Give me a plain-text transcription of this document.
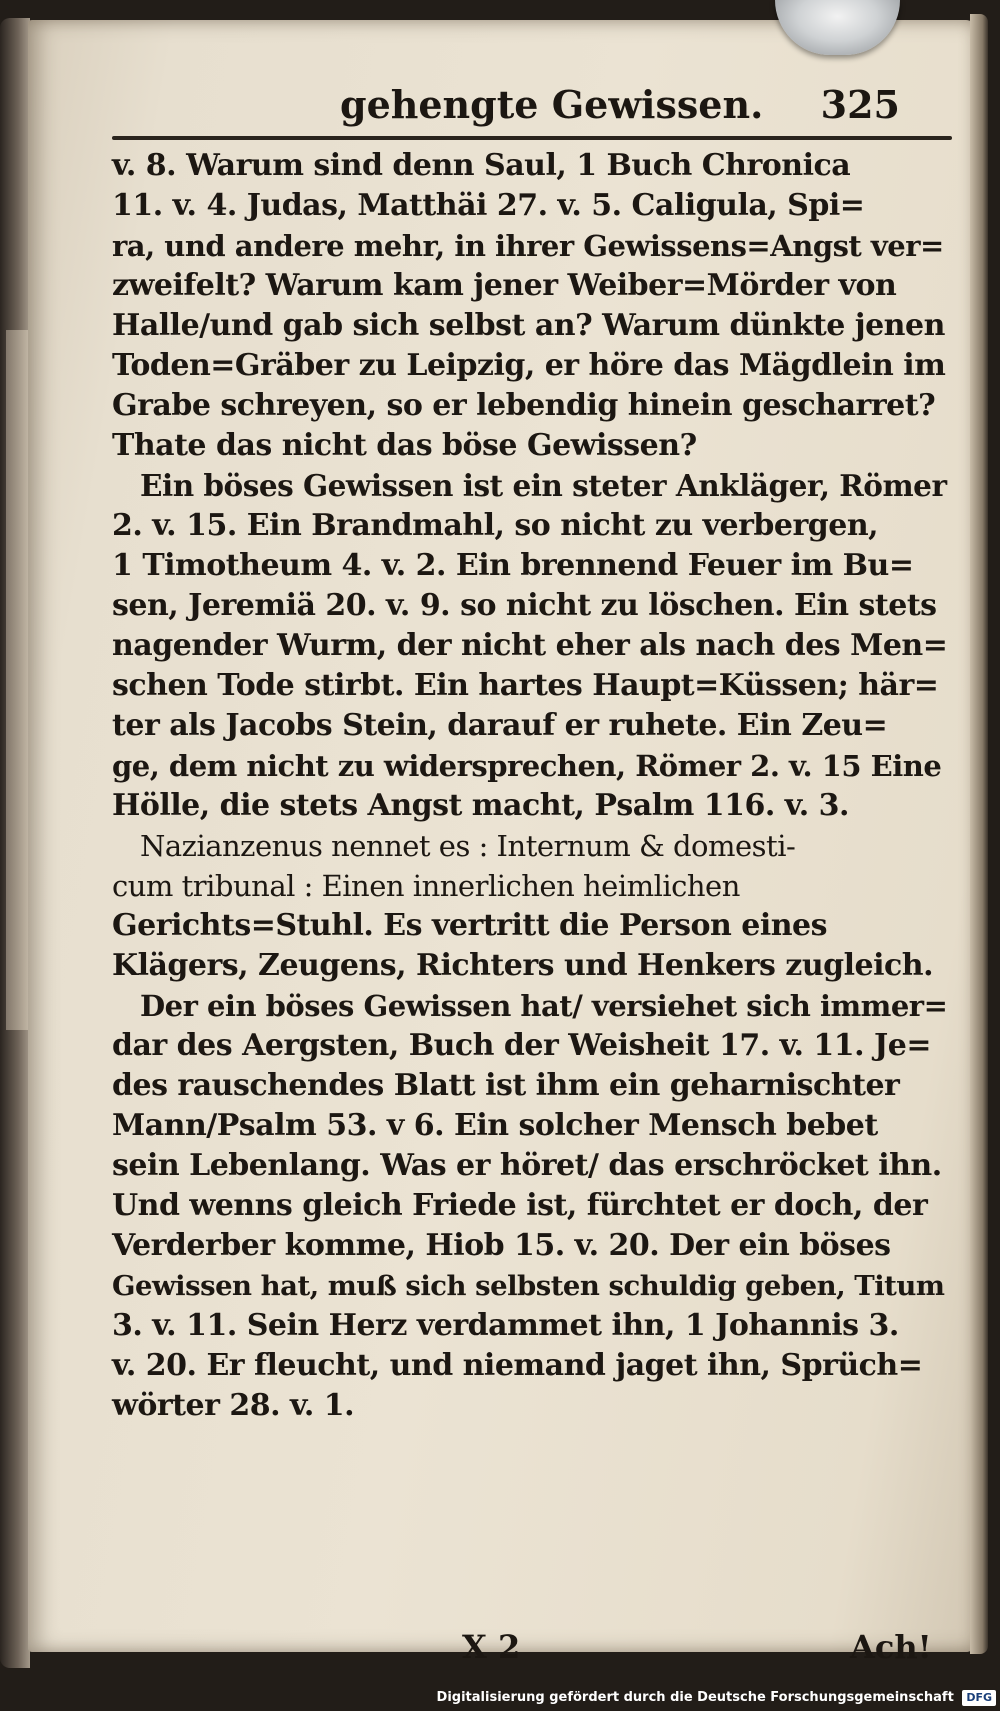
gehengte Gewissen. 325
v. 8. Warum sind denn Saul, 1 Buch Chronica
11. v. 4. Judas, Matthäi 27. v. 5. Caligula, Spi=
ra, und andere mehr, in ihrer Gewissens=Angst ver=
zweifelt? Warum kam jener Weiber=Mörder von
Halle/und gab sich selbst an? Warum dünkte jenen
Toden=Gräber zu Leipzig, er höre das Mägdlein im
Grabe schreyen, so er lebendig hinein gescharret?
Thate das nicht das böse Gewissen?
Ein böses Gewissen ist ein steter Ankläger, Römer
2. v. 15. Ein Brandmahl, so nicht zu verbergen,
1 Timotheum 4. v. 2. Ein brennend Feuer im Bu=
sen, Jeremiä 20. v. 9. so nicht zu löschen. Ein stets
nagender Wurm, der nicht eher als nach des Men=
schen Tode stirbt. Ein hartes Haupt=Küssen; här=
ter als Jacobs Stein, darauf er ruhete. Ein Zeu=
ge, dem nicht zu widersprechen, Römer 2. v. 15 Eine
Hölle, die stets Angst macht, Psalm 116. v. 3.
Nazianzenus nennet es : Internum & domesti-
cum tribunal : Einen innerlichen heimlichen
Gerichts=Stuhl. Es vertritt die Person eines
Klägers, Zeugens, Richters und Henkers zugleich.
Der ein böses Gewissen hat/ versiehet sich immer=
dar des Aergsten, Buch der Weisheit 17. v. 11. Je=
des rauschendes Blatt ist ihm ein geharnischter
Mann/Psalm 53. v 6. Ein solcher Mensch bebet
sein Lebenlang. Was er höret/ das erschröcket ihn.
Und wenns gleich Friede ist, fürchtet er doch, der
Verderber komme, Hiob 15. v. 20. Der ein böses
Gewissen hat, muß sich selbsten schuldig geben, Titum
3. v. 11. Sein Herz verdammet ihn, 1 Johannis 3.
v. 20. Er fleucht, und niemand jaget ihn, Sprüch=
wörter 28. v. 1.
X 2	Ach!
Digitalisierung gefördert durch die Deutsche Forschungsgemeinschaft DFG
